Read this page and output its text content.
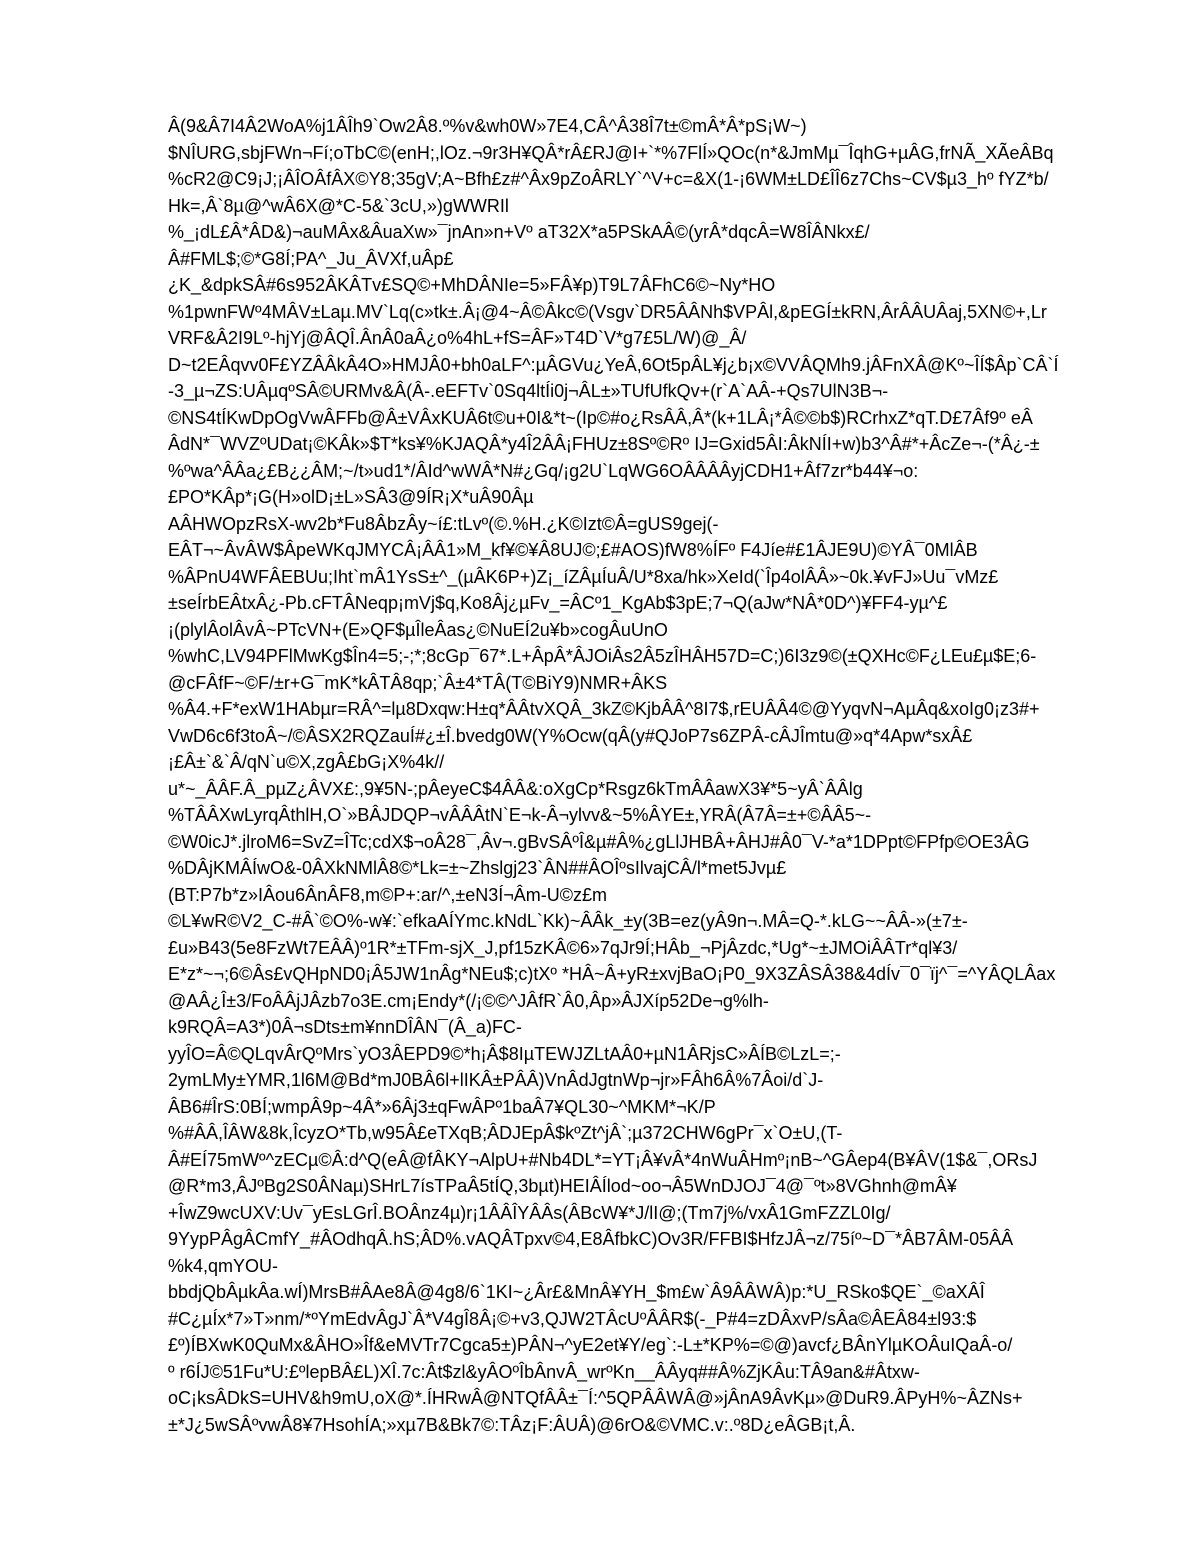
Â(9&Â7I4Â2WoA%j1ÂÎh9`Ow2Â8.º%v&wh0W»7E4,CÂ^Â38Î7t±©mÂ*Â*pS¡W~)
$NÎURG,sbjFWn¬Fí;oTbC©(enH;,lOz.¬9r3H¥QÂ*rÂ£RJ@I+`*%7FlÍ»QOc(n*&JmMµ¯ÎqhG+µÂG,frNÃ_XÃeÂBq
%cR2@C9¡J;¡ÂÎOÂfÂX©Y8;35gV;A~Bfh£z#^Âx9pZoÂRLY`^V+c=&X(1-¡6WM±LD£ÎÎ6z7Chs~CV$µ3_hº fYZ*b/
Hk=,Â`8µ@^wÂ6X@*C-5&`3cU,»)gWWRIl
%_¡dL£Â*ÂD&)¬auMÂx&ÂuaXw»¯jnAn»n+Vº aT32X*a5PSkAÂ©(yrÂ*dqcÂ=W8ÎÂNkx£/
Â#FML$;©*G8Í;PA^_Ju_ÂVXf,uÂp£
¿K_&dpkSÂ#6s952ÂKÂTv£SQ©+MhDÂNIe=5»FÂ¥p)T9L7ÂFhC6©~Ny*HO
%1pwnFWº4MÂV±Laµ.MV`Lq(c»tk±.Â¡@4~Â©Âkc©(Vsgv`DR5ÂÂNh$VPÂl,&pEGÍ±kRN,ÂrÂÂUÂaj,5XN©+,Lr
VRF&Â2I9Lº-hjYj@ÂQÎ.ÂnÂ0aÂ¿o%4hL+fS=ÂF»T4D`V*g7£5L/W)@_Â/
D~t2EÂqvv0F£YZÂÂkÂ4O»HMJÂ0+bh0aLF^:µÂGVu¿YeÂ,6Ot5pÂL¥j¿b¡x©VVÂQMh9.jÂFnXÂ@Kº~ÎÍ$Âp`CÂ`Í
-3_µ¬ZS:UÂµqºSÂ©URMv&Â(Â-.eEFTv`0Sq4ltÍi0j¬ÂL±»TUfUfkQv+(r`A`AÂ-+Qs7UlN3B¬-
©NS4tÍKwDpOgVwÂFFb@Â±VÂxKUÂ6t©u+0I&*t~(Ip©#o¿RsÂÂ,Â*(k+1LÂ¡*Â©©b$)RCrhxZ*qT.D£7Âf9º eÂ
ÂdN*¯WVZºUDat¡©KÂk»$T*ks¥%KJAQÂ*y4Î2ÂÂ¡FHUz±8Sº©Rº IJ=Gxid5ÂI:ÂkNÍI+w)b3^Â#*+ÂcZe¬-(*Â¿-±
%ºwa^ÂÂa¿£B¿¿ÂM;~/t»ud1*/ÂId^wWÂ*N#¿Gq/¡g2U`LqWG6OÂÂÂÂyjCDH1+Âf7zr*b44¥¬o:
£PO*KÂp*¡G(H»olD¡±L»SÂ3@9ÍR¡X*uÂ90Âµ
AÂHWOpzRsX-wv2b*Fu8ÂbzÂy~í£:tLvº(©.%H.¿K©Izt©Â=gUS9gej(-
EÂT¬~ÂvÂW$ÂpeWKqJMYCÂ¡ÂÂ1»M_kf¥©¥Â8UJ©;£#AOS)fW8%ÍFº F4Jíe#£1ÂJE9U)©YÂ¯0MlÂB
%ÂPnU4WFÂEBUu;Iht`mÂ1YsS±^_(µÂK6P+)Z¡_íZÂµÍuÂ/U*8xa/hk»XeId(`Îp4olÂÂ»~0k.¥vFJ»Uu¯vMz£
±seÍrbEÂtxÂ¿-Pb.cFTÂNeqp¡mVj$q,Ko8Âj¿µFv_=ÂCº1_KgAb$3pE;7¬Q(aJw*NÂ*0D^)¥FF4-yµ^£
¡(plylÂolÂvÂ~PTcVN+(E»QF$µÎleÂas¿©NuEÍ2u¥b»cogÂuUnO
%whC,LV94PFlMwKg$În4=5;-;*;8cGp¯67*.L+ÂpÂ*ÂJOiÂs2Â5zÎHÂH57D=C;)6I3z9©(±QXHc©F¿LEu£µ$E;6-
@cFÂfF~©F/±r+G¯mK*kÂTÂ8qp;`Â±4*TÂ(T©BiY9)NMR+ÂKS
%Â4.+F*exW1HAbµr=RÂ^=lµ8Dxqw:H±q*ÂÂtvXQÂ_3kZ©KjbÂÂ^8I7$,rEUÂÂ4©@YyqvN¬AµÂq&xoIg0¡z3#+
VwD6c6f3toÂ~/©ÂSX2RQZauÍ#¿±Î.bvedg0W(Y%Ocw(qÂ(y#QJoP7s6ZPÂ-cÂJÎmtu@»q*4Apw*sxÂ£
¡£Â±`&`Â/qN`u©X,zgÂ£bG¡X%4k//
u*~_ÂÂF.Â_pµZ¿ÂVX£:,9¥5N-;pÂeyeC$4ÂÂ&:oXgCp*Rsgz6kTmÂÂawX3¥*5~yÂ`ÂÂlg
%TÂÂXwLyrqÂthlH,O`»BÂJDQP¬vÂÂÂtN`E¬k-Â¬ylvv&~5%ÂYE±,YRÂ(Â7Â=±+©ÂÂ5~-
©W0icJ*.jlroM6=SvZ=ÎTc;cdX$¬oÂ28¯,Âv¬.gBvSÂºÎ&µ#Â%¿gLlJHBÂ+ÂHJ#Â0¯V-*a*1DPpt©FPfp©OE3ÂG
%DÂjKMÂÍwO&-0ÂXkNMlÂ8©*Lk=±~Zhslgj23`ÂN##ÂOÎºsIlvajCÂ/l*met5Jvµ£
(BT:P7b*z»IÂou6ÂnÂF8,m©P+:ar/^,±eN3Í¬Âm-U©z£m
©L¥wR©V2_C-#Â`©O%-w¥:`efkaAÍYmc.kNdL`Kk)~ÂÂk_±y(3B=ez(yÂ9n¬.MÂ=Q-*.kLG~~ÂÂ-»(±7±-
£u»B43(5e8FzWt7EÂÂ)º1R*±TFm-sjX_J,pf15zKÂ©6»7qJr9Í;HÂb_¬PjÂzdc,*Ug*~±JMOiÂÂTr*ql¥3/
E*z*~¬;6©Âs£vQHpND0¡Â5JW1nÂg*NEu$;c)tXº *HÂ~Â+yR±xvjBaO¡P0_9X3ZÂSÂ38&4dÍv¯0¯ïj^¯=^YÂQLÂax
@AÂ¿Î±3/FoÂÂjJÂzb7o3E.cm¡Endy*(/¡©©^JÂfR`Â0,Âp»ÂJXíp52De¬g%lh-
k9RQÂ=A3*)0Â¬sDts±m¥nnDÎÂN¯(Â_a)FC-
yyÎO=Â©QLqvÂrQºMrs`yO3ÂEPD9©*h¡Â$8IµTEWJZLtAÂ0+µN1ÂRjsC»ÂÍB©LzL=;-
2ymLMy±YMR,1l6M@Bd*mJ0BÂ6l+lIKÂ±PÂÂ)VnÂdJgtnWp¬jr»FÂh6Â%7Âoi/d`J-
ÂB6#ÎrS:0BÍ;wmpÂ9p~4Â*»6Âj3±qFwÂPº1baÂ7¥QL30~^MKM*¬K/P
%#ÂÂ,ÎÂW&8k,ÎcyzO*Tb,w95Â£eTXqB;ÂDJEpÂ$kºZt^jÂ`;µ372CHW6gPr¯x`O±U,(T-
Â#EÍ75mWº^zECµ©Â:d^Q(eÂ@fÂKY¬AlpU+#Nb4DL*=YT¡Â¥vÂ*4nWuÂHmº¡nB~^GÂep4(B¥ÂV(1$&¯,ORsJ
@R*m3,ÂJºBg2S0ÂNaµ)SHrL7ísTPaÂ5tÍQ,3bµt)HEIÂÍlod~oo¬Â5WnDJOJ¯4@¯ºt»8VGhnh@mÂ¥
+ÎwZ9wcUXV:Uv¯yEsLGrÎ.BOÂnz4µ)r¡1ÂÂÎYÂÂs(ÂBcW¥*J/lI@;(Tm7j%/vxÂ1GmFZZL0Ig/
9YypPÂgÂCmfY_#ÂOdhqÂ.hS;ÂD%.vAQÂTpxv©4,E8ÂfbkC)Ov3R/FFBI$HfzJÂ¬z/75íº~D¯*ÂB7ÂM-05ÂÂ
%k4,qmYOU-
bbdjQbÂµkÂa.wÍ)MrsB#ÂAe8Â@4g8/6`1KI~¿Âr£&MnÂ¥YH_$m£w`Â9ÂÂWÂ)p:*U_RSko$QE`_©aXÂÎ
#C¿µÍx*7»T»nm/*ºYmEdvÂgJ`Â*V4gÎ8Â¡©+v3,QJW2TÂcUºÂÂR$(-_P#4=zDÂxvP/sÂa©ÂEÂ84±l93:$
£º)ÍBXwK0QuMx&ÂHO»Îf&eMVTr7Cgca5±)PÂN¬^yE2et¥Y/eg`:-L±*KP%=©@)avcf¿BÂnYlµKOÂuIQaÂ-o/
º r6ÍJ©51Fu*U:£ºlepBÂ£L)XÎ.7c:Ât$zl&yÂOºÎbÂnvÂ_wrºKn__ÂÂyq##Â%ZjKÂu:TÂ9an&#Âtxw-
oC¡ksÂDkS=UHV&h9mU,oX@*.ÍHRwÂ@NTQfÂÂ±¯Í:^5QPÂÂWÂ@»jÂnA9ÂvKµ»@DuR9.ÂPyH%~ÂZNs+
±*J¿5wSÂºvwÂ8¥7HsohÍA;»xµ7B&Bk7©:TÂz¡F:ÂUÂ)@6rO&©VMC.v:.º8D¿eÂGB¡t,Â.
